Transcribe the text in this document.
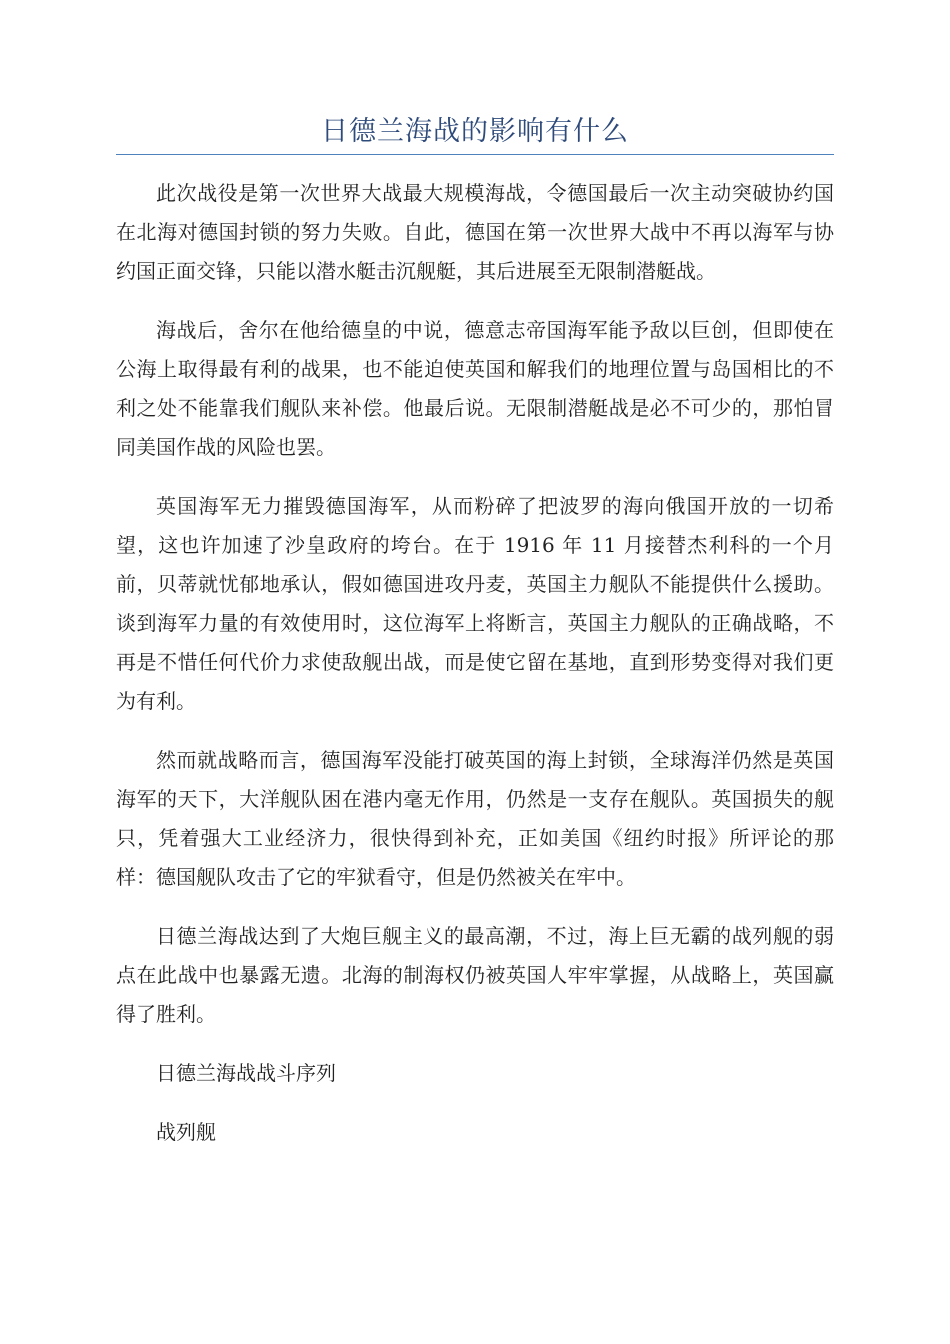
日德兰海战的影响有什么

此次战役是第一次世界大战最大规模海战，令德国最后一次主动突破协约国在北海对德国封锁的努力失败。自此，德国在第一次世界大战中不再以海军与协约国正面交锋，只能以潜水艇击沉舰艇，其后进展至无限制潜艇战。

海战后，舍尔在他给德皇的中说，德意志帝国海军能予敌以巨创，但即使在公海上取得最有利的战果，也不能迫使英国和解我们的地理位置与岛国相比的不利之处不能靠我们舰队来补偿。他最后说。无限制潜艇战是必不可少的，那怕冒同美国作战的风险也罢。

英国海军无力摧毁德国海军，从而粉碎了把波罗的海向俄国开放的一切希望，这也许加速了沙皇政府的垮台。在于 1916 年 11 月接替杰利科的一个月前，贝蒂就忧郁地承认，假如德国进攻丹麦，英国主力舰队不能提供什么援助。谈到海军力量的有效使用时，这位海军上将断言，英国主力舰队的正确战略，不再是不惜任何代价力求使敌舰出战，而是使它留在基地，直到形势变得对我们更为有利。

然而就战略而言，德国海军没能打破英国的海上封锁，全球海洋仍然是英国海军的天下，大洋舰队困在港内毫无作用，仍然是一支存在舰队。英国损失的舰只，凭着强大工业经济力，很快得到补充，正如美国《纽约时报》所评论的那样：德国舰队攻击了它的牢狱看守，但是仍然被关在牢中。

日德兰海战达到了大炮巨舰主义的最高潮，不过，海上巨无霸的战列舰的弱点在此战中也暴露无遗。北海的制海权仍被英国人牢牢掌握，从战略上，英国赢得了胜利。

日德兰海战战斗序列

战列舰
